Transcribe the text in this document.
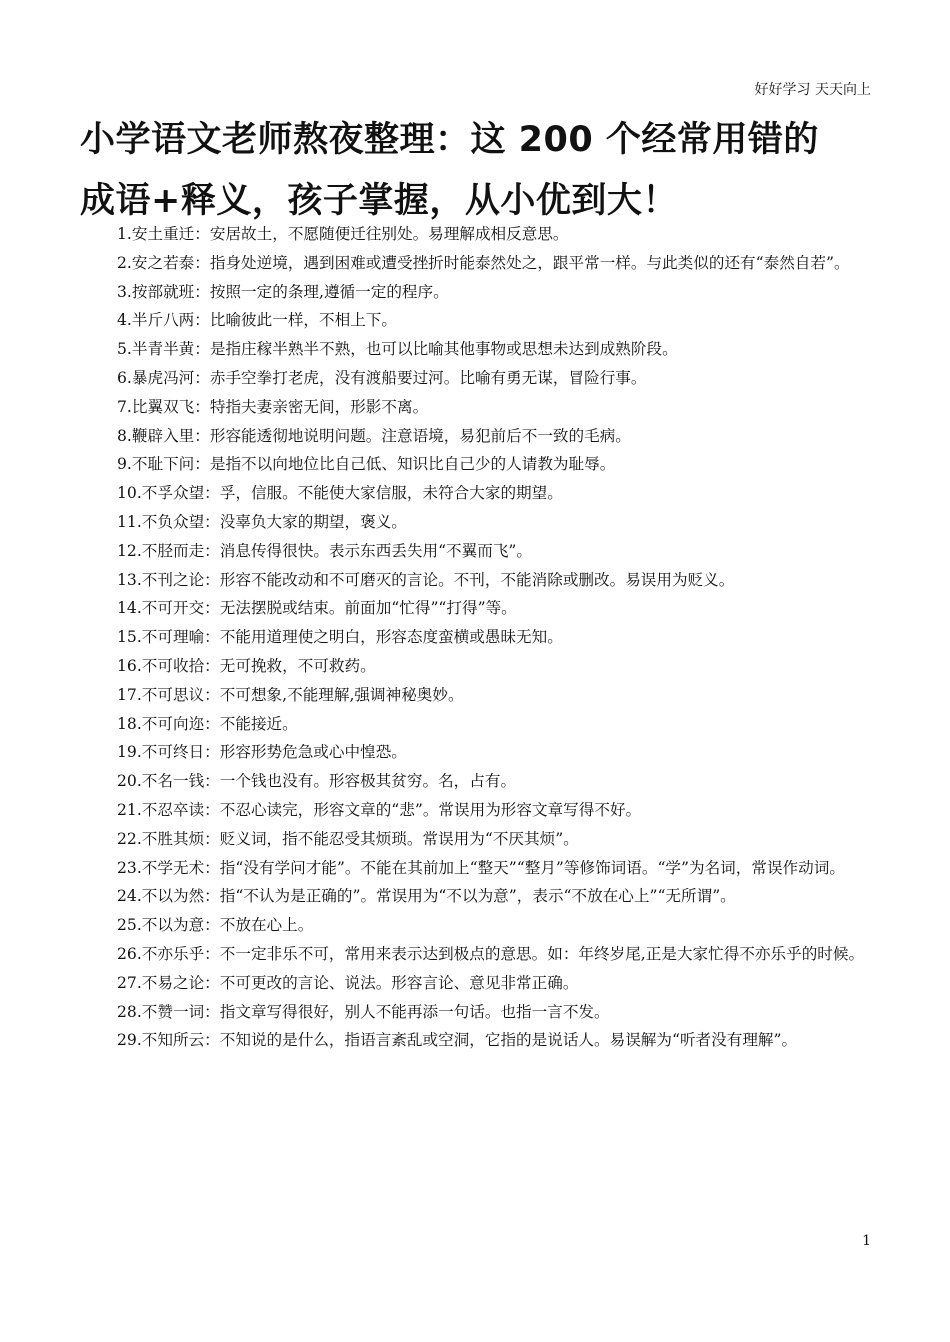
好好学习 天天向上
小学语文老师熬夜整理：这 200 个经常用错的
成语+释义，孩子掌握，从小优到大！
1.安土重迁：安居故土，不愿随便迁往别处。易理解成相反意思。
2.安之若泰：指身处逆境，遇到困难或遭受挫折时能泰然处之，跟平常一样。与此类似的还有“泰然自若”。
3.按部就班：按照一定的条理,遵循一定的程序。
4.半斤八两：比喻彼此一样，不相上下。
5.半青半黄：是指庄稼半熟半不熟，也可以比喻其他事物或思想未达到成熟阶段。
6.暴虎冯河：赤手空拳打老虎，没有渡船要过河。比喻有勇无谋，冒险行事。
7.比翼双飞：特指夫妻亲密无间，形影不离。
8.鞭辟入里：形容能透彻地说明问题。注意语境，易犯前后不一致的毛病。
9.不耻下问：是指不以向地位比自己低、知识比自己少的人请教为耻辱。
10.不孚众望：孚，信服。不能使大家信服，未符合大家的期望。
11.不负众望：没辜负大家的期望，褒义。
12.不胫而走：消息传得很快。表示东西丢失用“不翼而飞”。
13.不刊之论：形容不能改动和不可磨灭的言论。不刊，不能消除或删改。易误用为贬义。
14.不可开交：无法摆脱或结束。前面加“忙得”“打得”等。
15.不可理喻：不能用道理使之明白，形容态度蛮横或愚昧无知。
16.不可收拾：无可挽救，不可救药。
17.不可思议：不可想象,不能理解,强调神秘奥妙。
18.不可向迩：不能接近。
19.不可终日：形容形势危急或心中惶恐。
20.不名一钱：一个钱也没有。形容极其贫穷。名，占有。
21.不忍卒读：不忍心读完，形容文章的“悲”。常误用为形容文章写得不好。
22.不胜其烦：贬义词，指不能忍受其烦琐。常误用为“不厌其烦”。
23.不学无术：指“没有学问才能”。不能在其前加上“整天”“整月”等修饰词语。“学”为名词，常误作动词。
24.不以为然：指“不认为是正确的”。常误用为“不以为意”，表示“不放在心上”“无所谓”。
25.不以为意：不放在心上。
26.不亦乐乎：不一定非乐不可，常用来表示达到极点的意思。如：年终岁尾,正是大家忙得不亦乐乎的时候。
27.不易之论：不可更改的言论、说法。形容言论、意见非常正确。
28.不赞一词：指文章写得很好，别人不能再添一句话。也指一言不发。
29.不知所云：不知说的是什么，指语言紊乱或空洞，它指的是说话人。易误解为“听者没有理解”。
1
